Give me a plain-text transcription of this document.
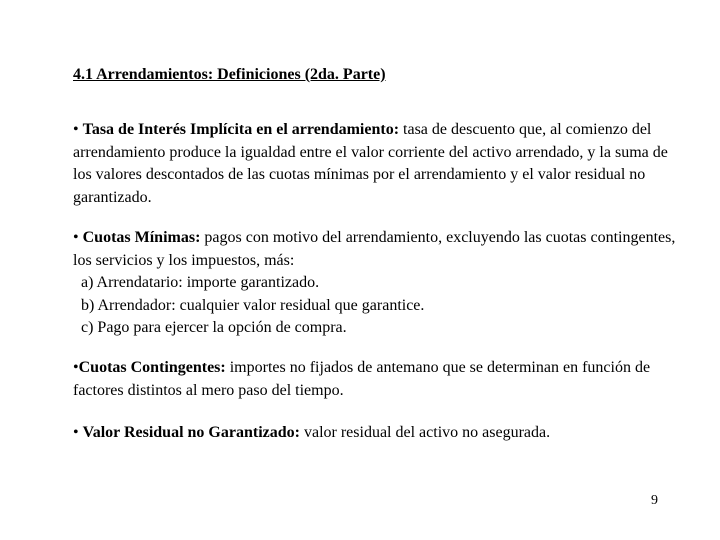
4.1 Arrendamientos: Definiciones (2da. Parte)
• Tasa de Interés Implícita en el arrendamiento: tasa de descuento que, al comienzo del arrendamiento produce la igualdad entre el valor corriente del activo arrendado, y la suma de los valores descontados de las cuotas mínimas por el arrendamiento y el valor residual no garantizado.
• Cuotas Mínimas: pagos con motivo del arrendamiento, excluyendo las cuotas contingentes, los servicios y los impuestos, más:
a) Arrendatario: importe garantizado.
b) Arrendador: cualquier valor residual que garantice.
c) Pago para ejercer la opción de compra.
•Cuotas Contingentes: importes no fijados de antemano que se determinan en función de factores distintos al mero paso del tiempo.
• Valor Residual no Garantizado: valor residual del activo no asegurada.
9
